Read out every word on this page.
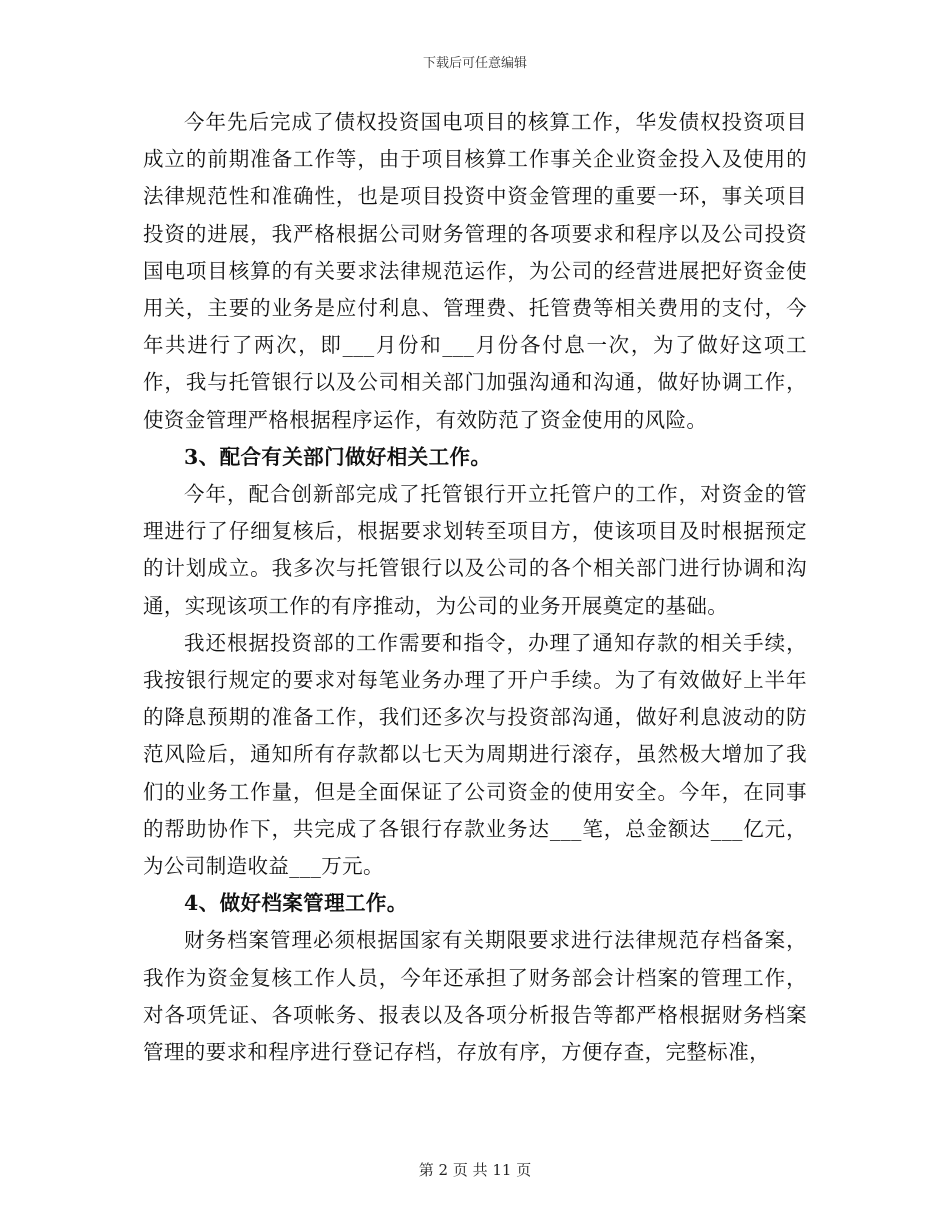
下载后可任意编辑

今年先后完成了债权投资国电项目的核算工作，华发债权投资项目成立的前期准备工作等，由于项目核算工作事关企业资金投入及使用的法律规范性和准确性，也是项目投资中资金管理的重要一环，事关项目投资的进展，我严格根据公司财务管理的各项要求和程序以及公司投资国电项目核算的有关要求法律规范运作，为公司的经营进展把好资金使用关，主要的业务是应付利息、管理费、托管费等相关费用的支付，今年共进行了两次，即___月份和___月份各付息一次，为了做好这项工作，我与托管银行以及公司相关部门加强沟通和沟通，做好协调工作，使资金管理严格根据程序运作，有效防范了资金使用的风险。

3、配合有关部门做好相关工作。

今年，配合创新部完成了托管银行开立托管户的工作，对资金的管理进行了仔细复核后，根据要求划转至项目方，使该项目及时根据预定的计划成立。我多次与托管银行以及公司的各个相关部门进行协调和沟通，实现该项工作的有序推动，为公司的业务开展奠定的基础。

我还根据投资部的工作需要和指令，办理了通知存款的相关手续，我按银行规定的要求对每笔业务办理了开户手续。为了有效做好上半年的降息预期的准备工作，我们还多次与投资部沟通，做好利息波动的防范风险后，通知所有存款都以七天为周期进行滚存，虽然极大增加了我们的业务工作量，但是全面保证了公司资金的使用安全。今年，在同事的帮助协作下，共完成了各银行存款业务达___笔，总金额达___亿元，为公司制造收益___万元。

4、做好档案管理工作。

财务档案管理必须根据国家有关期限要求进行法律规范存档备案，我作为资金复核工作人员，今年还承担了财务部会计档案的管理工作，对各项凭证、各项帐务、报表以及各项分析报告等都严格根据财务档案管理的要求和程序进行登记存档，存放有序，方便存查，完整标准，

第 2 页 共 11 页
